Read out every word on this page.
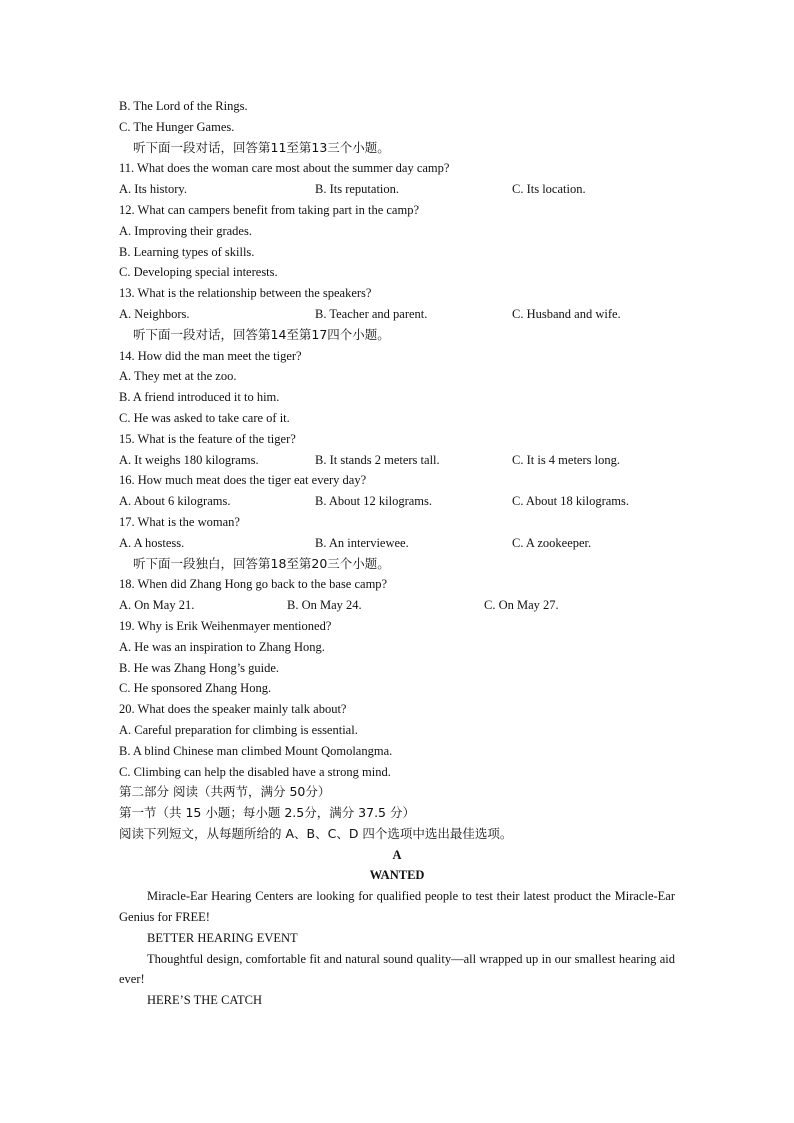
B. The Lord of the Rings.
C. The Hunger Games.
听下面一段对话，回答第11至第13三个小题。
11. What does the woman care most about the summer day camp?
A. Its history.	B. Its reputation.	C. Its location.
12. What can campers benefit from taking part in the camp?
A. Improving their grades.
B. Learning types of skills.
C. Developing special interests.
13. What is the relationship between the speakers?
A. Neighbors.	B. Teacher and parent.	C. Husband and wife.
听下面一段对话，回答第14至第17四个小题。
14. How did the man meet the tiger?
A. They met at the zoo.
B. A friend introduced it to him.
C. He was asked to take care of it.
15. What is the feature of the tiger?
A. It weighs 180 kilograms.	B. It stands 2 meters tall.	C. It is 4 meters long.
16. How much meat does the tiger eat every day?
A. About 6 kilograms.	B. About 12 kilograms.	C. About 18 kilograms.
17. What is the woman?
A. A hostess.	B. An interviewee.	C. A zookeeper.
听下面一段独白，回答第18至第20三个小题。
18. When did Zhang Hong go back to the base camp?
A. On May 21.	B. On May 24.	C. On May 27.
19. Why is Erik Weihenmayer mentioned?
A. He was an inspiration to Zhang Hong.
B. He was Zhang Hong’s guide.
C. He sponsored Zhang Hong.
20. What does the speaker mainly talk about?
A. Careful preparation for climbing is essential.
B. A blind Chinese man climbed Mount Qomolangma.
C. Climbing can help the disabled have a strong mind.
第二部分 阅读（共两节，满分 50分）
第一节（共 15 小题；每小题 2.5分，满分 37.5 分）
阅读下列短文，从每题所给的 A、B、C、D 四个选项中选出最佳选项。
A
WANTED
Miracle-Ear Hearing Centers are looking for qualified people to test their latest product the Miracle-Ear Genius for FREE!
BETTER HEARING EVENT
Thoughtful design, comfortable fit and natural sound quality—all wrapped up in our smallest hearing aid ever!
HERE’S THE CATCH
